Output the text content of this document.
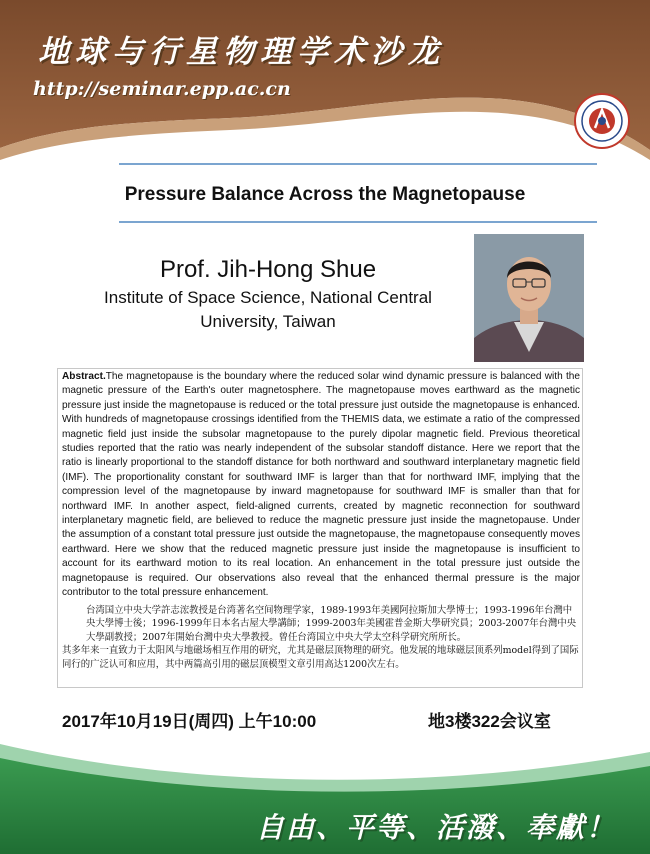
地球与行星物理学术沙龙
http://seminar.epp.ac.cn
Pressure Balance Across the Magnetopause
Prof. Jih-Hong Shue
Institute of Space Science, National Central
University, Taiwan

Abstract.The magnetopause is the boundary where the reduced solar wind dynamic pressure is balanced with the magnetic pressure of the Earth's outer magnetosphere. The magnetopause moves earthward as the magnetic pressure just inside the magnetopause is reduced or the total pressure just outside the magnetopause is enhanced. With hundreds of magnetopause crossings identified from the THEMIS data, we estimate a ratio of the compressed magnetic field just inside the subsolar magnetopause to the purely dipolar magnetic field. Previous theoretical studies reported that the ratio was nearly independent of the subsolar standoff distance. Here we report that the ratio is linearly proportional to the standoff distance for both northward and southward interplanetary magnetic field (IMF). The proportionality constant for southward IMF is larger than that for northward IMF, implying that the compression level of the magnetopause by inward magnetopause for southward IMF is smaller than that for northward IMF. In another aspect, field-aligned currents, created by magnetic reconnection for southward interplanetary magnetic field, are believed to reduce the magnetic pressure just inside the magnetopause. Under the assumption of a constant total pressure just outside the magnetopause, the magnetopause consequently moves earthward. Here we show that the reduced magnetic pressure just inside the magnetopause is insufficient to account for its earthward motion to its real location. An enhancement in the total pressure just outside the magnetopause is required. Our observations also reveal that the enhanced thermal pressure is the major contributor to the total pressure enhancement.

台湾国立中央大学許志浤教授是台湾著名空间物理学家，1989-1993年美國阿拉斯加大學博士；1993-1996年台灣中央大學博士後；1996-1999年日本名古屋大學講師；1999-2003年美國霍普金斯大學研究員；2003-2007年台灣中央大學副教授；2007年開始台灣中央大學教授。曾任台湾国立中央大学太空科学研究所所长。

其多年来一直致力于太阳风与地磁场相互作用的研究，尤其是磁层顶物理的研究。他发展的地球磁层顶系列model得到了国际同行的广泛认可和应用，其中两篇高引用的磁层顶模型文章引用高达1200次左右。

2017年10月19日(周四) 上午10:00	地3楼322会议室
自由、平等、活潑、奉獻！
